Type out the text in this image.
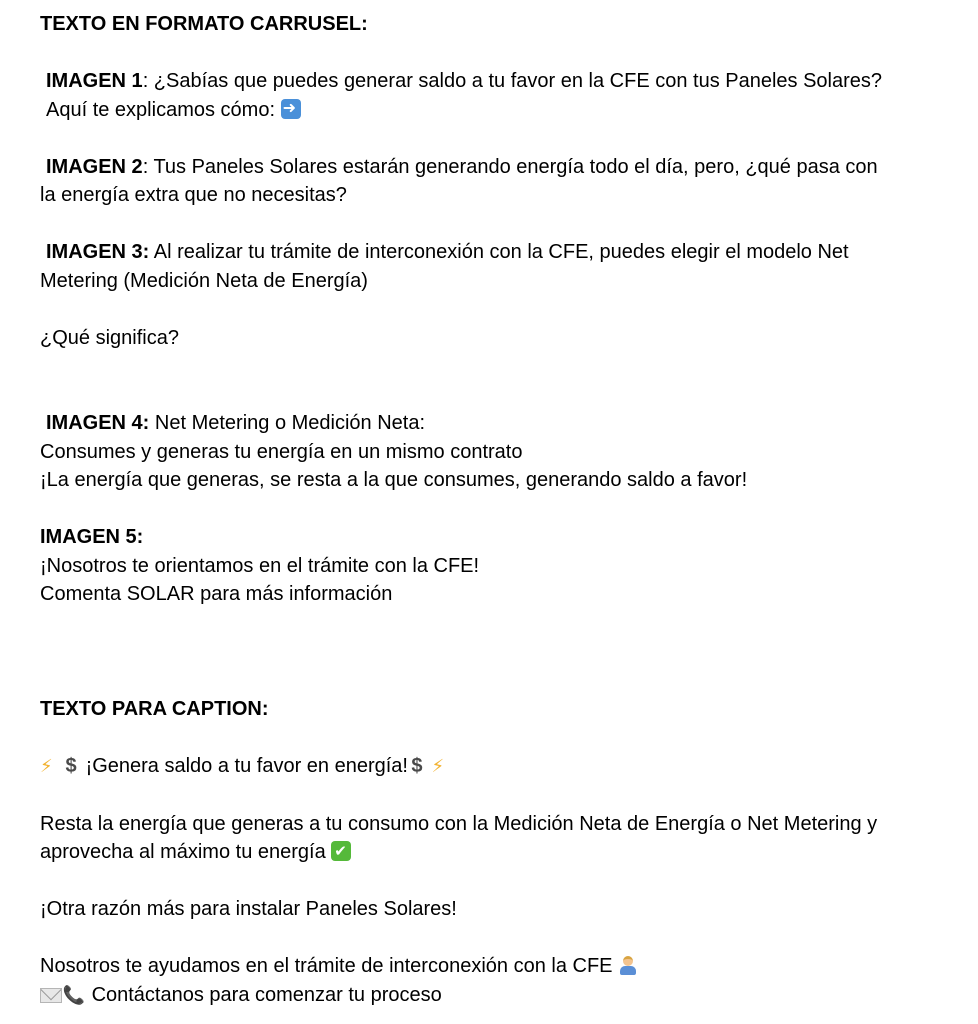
TEXTO EN FORMATO CARRUSEL:
IMAGEN 1: ¿Sabías que puedes generar saldo a tu favor en la CFE con tus Paneles Solares?
Aquí te explicamos cómo: ➜
IMAGEN 2: Tus Paneles Solares estarán generando energía todo el día, pero, ¿qué pasa con
la energía extra que no necesitas?
IMAGEN 3: Al realizar tu trámite de interconexión con la CFE, puedes elegir el modelo Net
Metering (Medición Neta de Energía)
¿Qué significa?
IMAGEN 4: Net Metering o Medición Neta:
Consumes y generas tu energía en un mismo contrato
¡La energía que generas, se resta a la que consumes, generando saldo a favor!
IMAGEN 5:
¡Nosotros te orientamos en el trámite con la CFE!
Comenta SOLAR para más información
TEXTO PARA CAPTION:
⚡ $ ¡Genera saldo a tu favor en energía! $ ⚡
Resta la energía que generas a tu consumo con la Medición Neta de Energía o Net Metering y
aprovecha al máximo tu energía ✔
¡Otra razón más para instalar Paneles Solares!
Nosotros te ayudamos en el trámite de interconexión con la CFE
📞 Contáctanos para comenzar tu proceso
